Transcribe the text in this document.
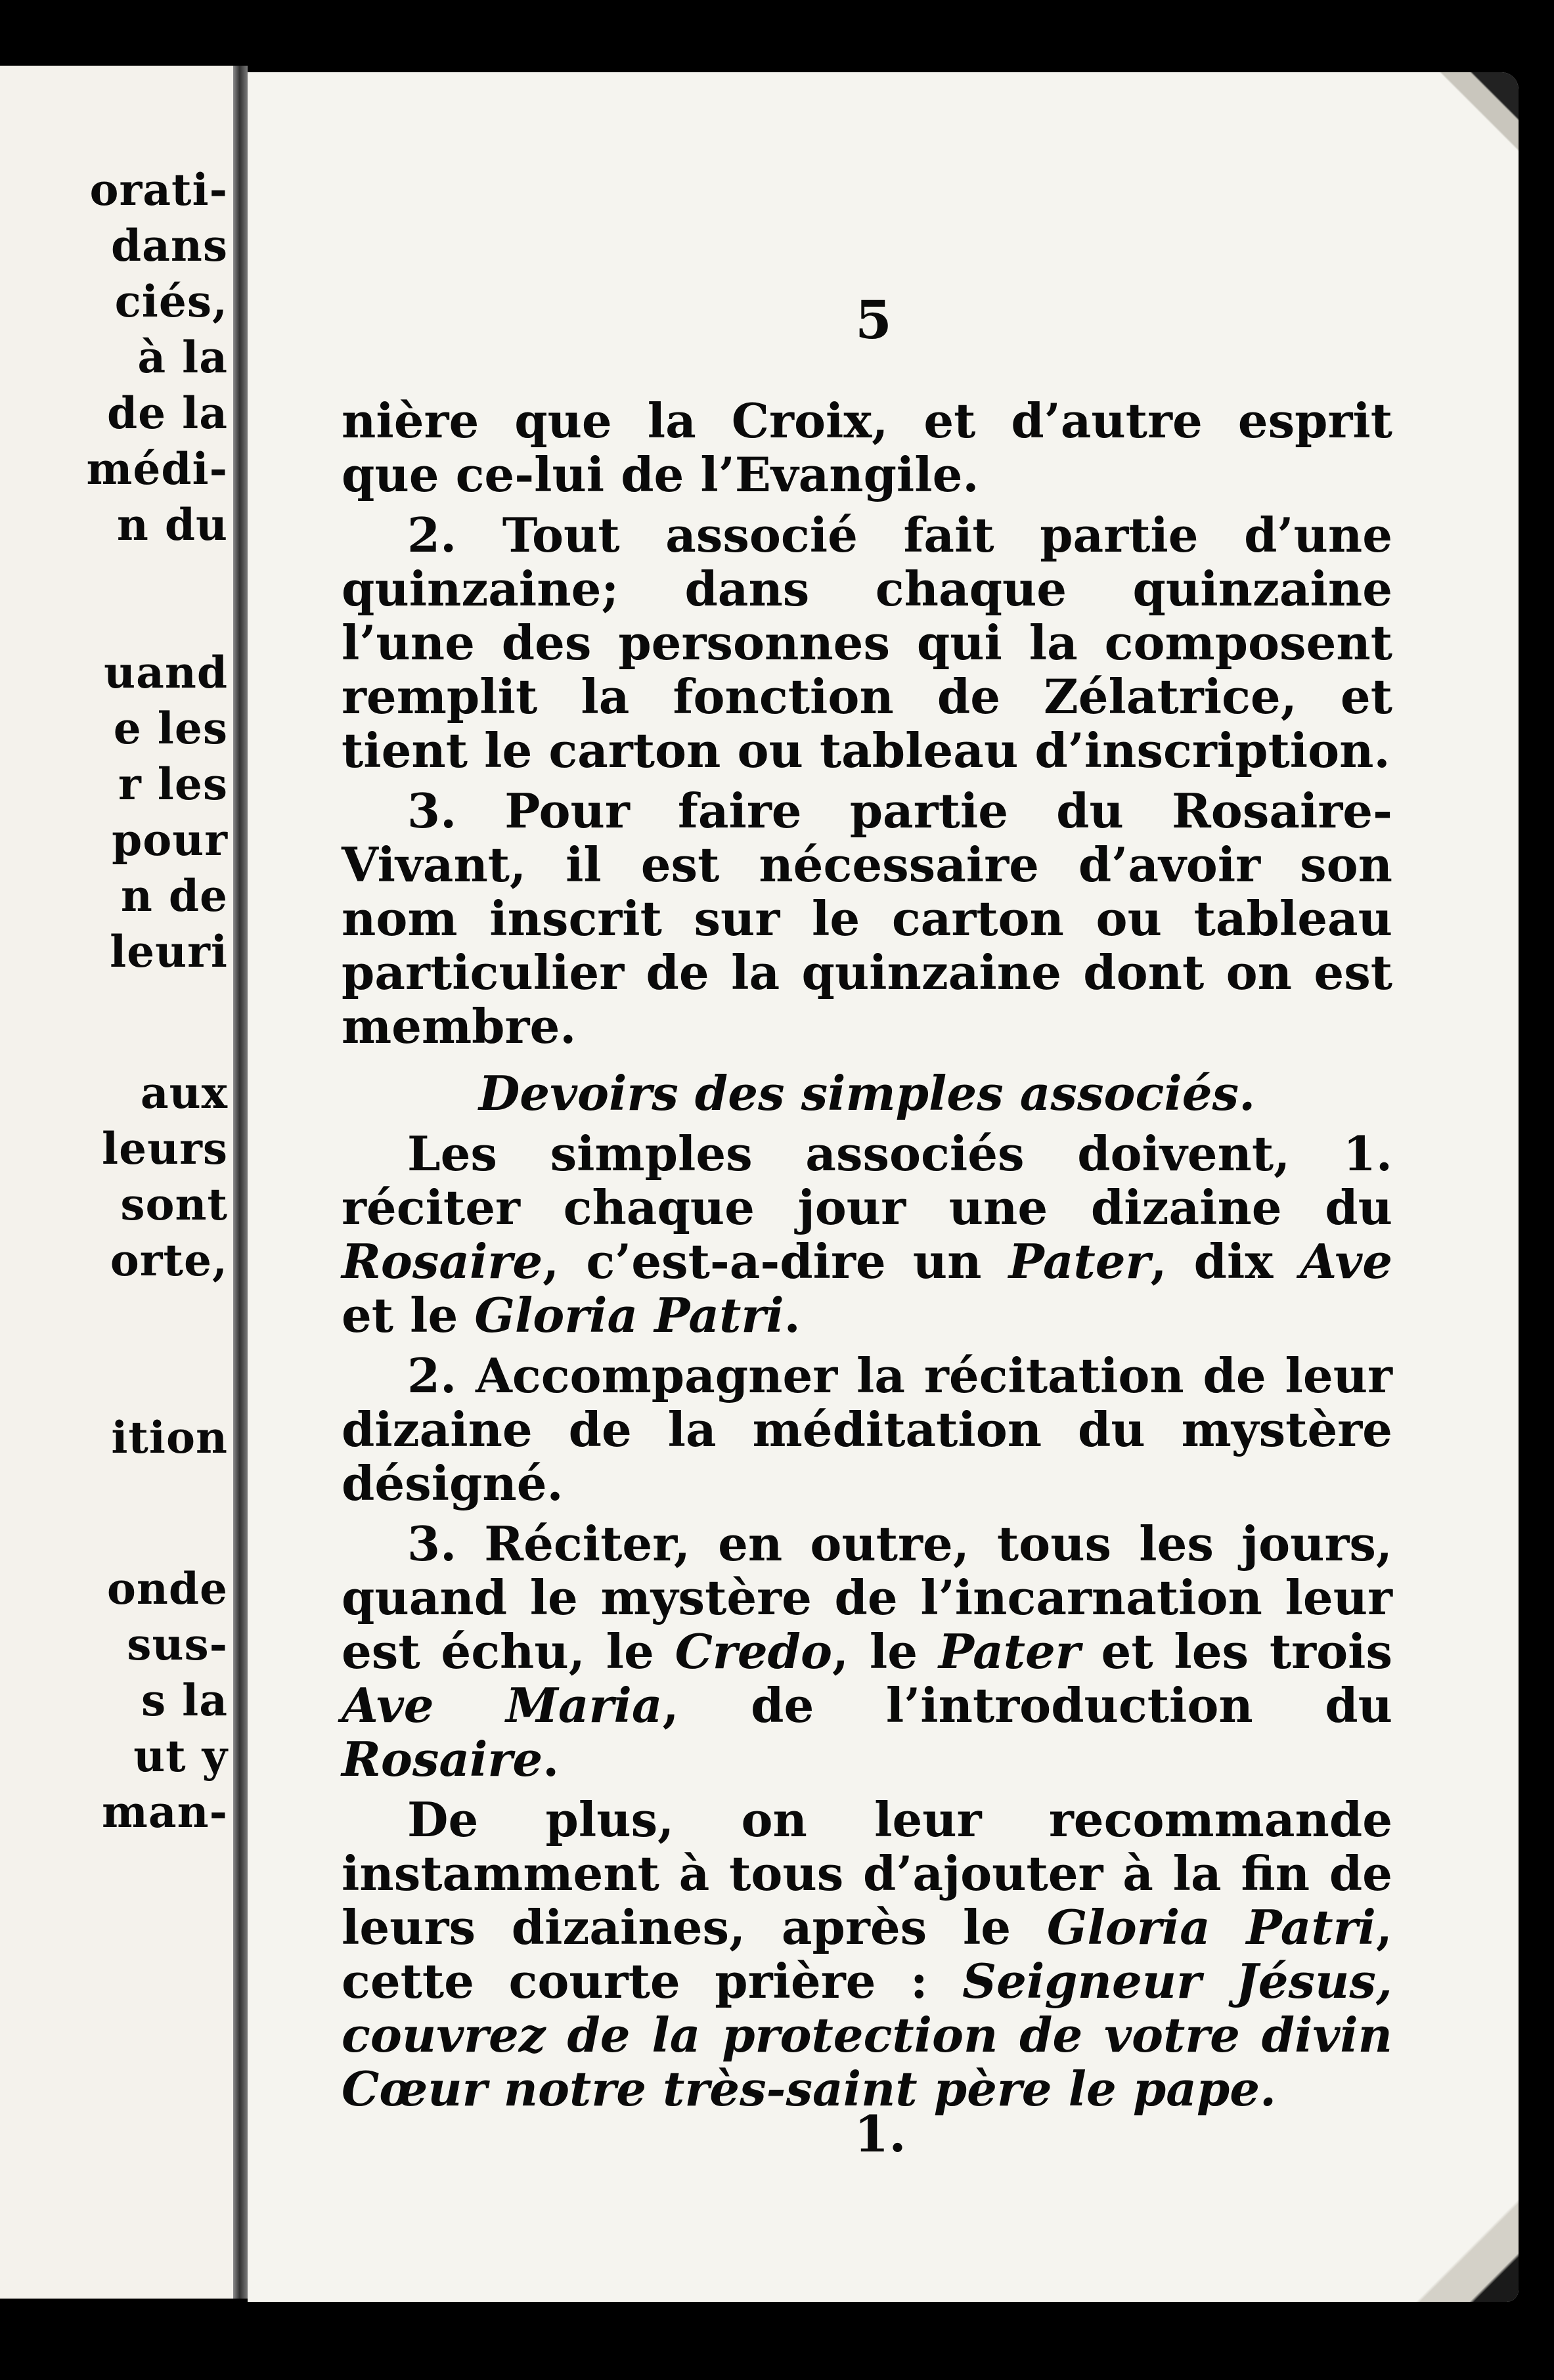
orati-
dans
ciés,
à la
de la
médi-
n du
uand
e les
r les
pour
n de
leuri
aux
leurs
sont
orte,
ition
onde
sus-
s la
ut y
man-
5

nière que la Croix, et d’autre esprit que ce-lui de l’Evangile.

2. Tout associé fait partie d’une quinzaine; dans chaque quinzaine l’une des personnes qui la composent remplit la fonction de Zélatrice, et tient le carton ou tableau d’inscription.

3. Pour faire partie du Rosaire-Vivant, il est nécessaire d’avoir son nom inscrit sur le carton ou tableau particulier de la quinzaine dont on est membre.

Devoirs des simples associés.

Les simples associés doivent, 1. réciter chaque jour une dizaine du Rosaire, c’est-a-dire un Pater, dix Ave et le Gloria Patri.

2. Accompagner la récitation de leur dizaine de la méditation du mystère désigné.

3. Réciter, en outre, tous les jours, quand le mystère de l’incarnation leur est échu, le Credo, le Pater et les trois Ave Maria, de l’introduction du Rosaire.

De plus, on leur recommande instamment à tous d’ajouter à la fin de leurs dizaines, après le Gloria Patri, cette courte prière : Seigneur Jésus, couvrez de la protection de votre divin Cœur notre très-saint père le pape.

1.
